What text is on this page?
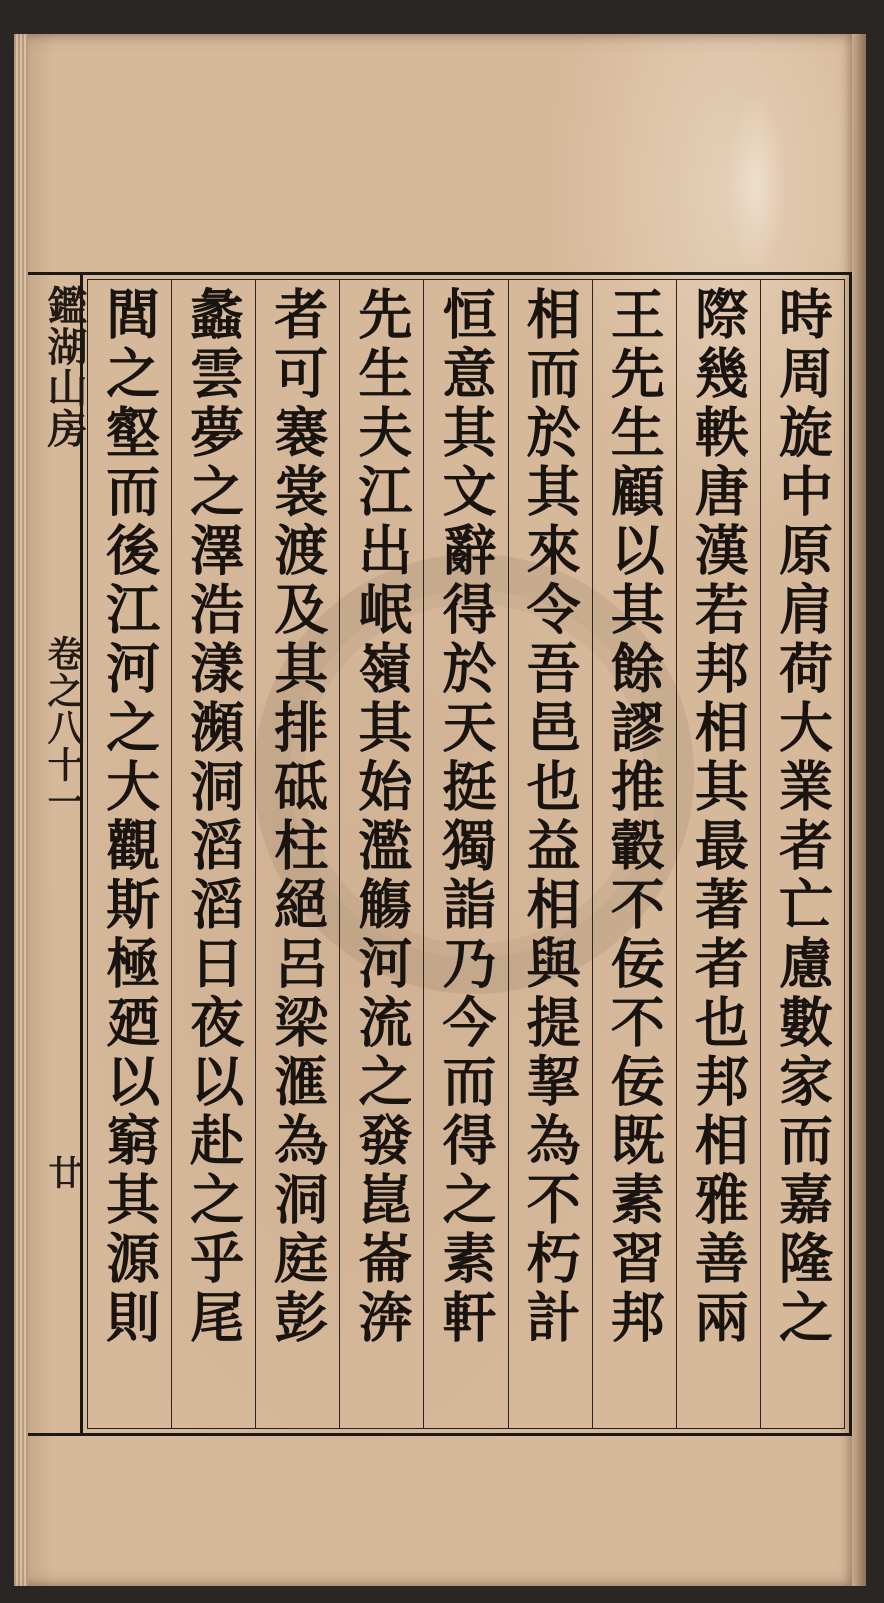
鑑湖山房
卷之八十一
廿	時周旋中原肩荷大業者亡慮數家而嘉隆之
際幾軼唐漢若邦相其最著者也邦相雅善兩
王先生顧以其餘謬推轂不佞不佞既素習邦
相而於其來令吾邑也益相與提挈為不朽計
恒意其文辭得於天挺獨詣乃今而得之素軒
先生夫江出岷嶺其始濫觴河流之發崑崙渀
者可褰裳渡及其排砥柱絕呂梁滙為洞庭彭
蠡雲夢之澤浩漾瀕洞滔滔日夜以赴之乎尾
閭之壑而後江河之大觀斯極廼以窮其源則
